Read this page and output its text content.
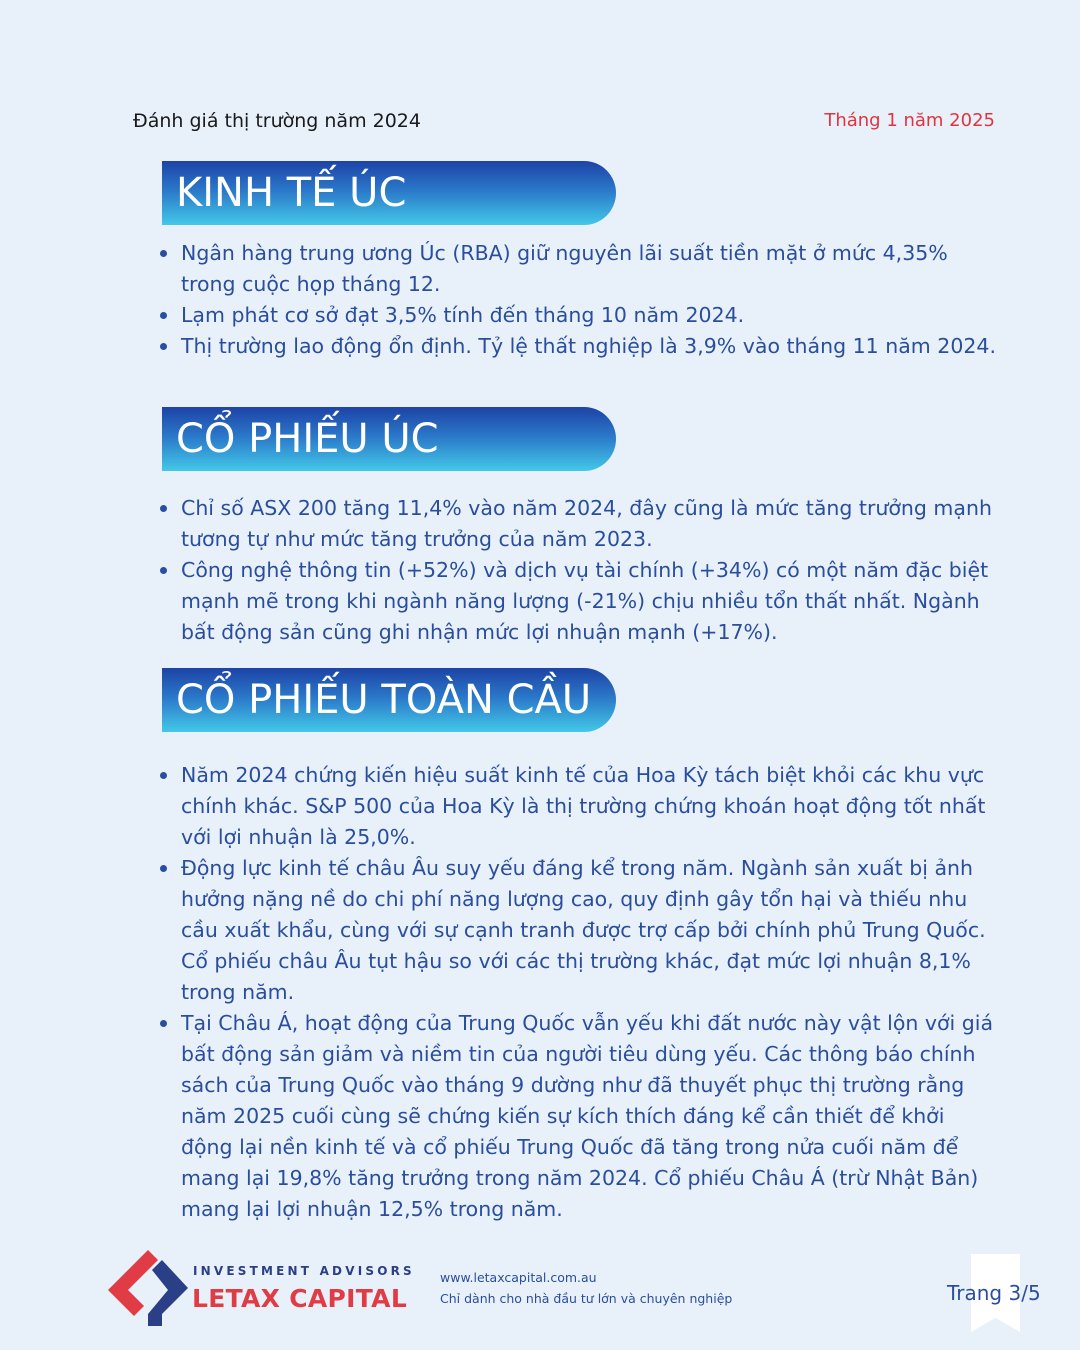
Đánh giá thị trường năm 2024	Tháng 1 năm 2025
KINH TẾ ÚC
Ngân hàng trung ương Úc (RBA) giữ nguyên lãi suất tiền mặt ở mức 4,35% trong cuộc họp tháng 12.
Lạm phát cơ sở đạt 3,5% tính đến tháng 10 năm 2024.
Thị trường lao động ổn định. Tỷ lệ thất nghiệp là 3,9% vào tháng 11 năm 2024.
CỔ PHIẾU ÚC
Chỉ số ASX 200 tăng 11,4% vào năm 2024, đây cũng là mức tăng trưởng mạnh tương tự như mức tăng trưởng của năm 2023.
Công nghệ thông tin (+52%) và dịch vụ tài chính (+34%) có một năm đặc biệt mạnh mẽ trong khi ngành năng lượng (-21%) chịu nhiều tổn thất nhất. Ngành bất động sản cũng ghi nhận mức lợi nhuận mạnh (+17%).
CỔ PHIẾU TOÀN CẦU
Năm 2024 chứng kiến hiệu suất kinh tế của Hoa Kỳ tách biệt khỏi các khu vực chính khác. S&P 500 của Hoa Kỳ là thị trường chứng khoán hoạt động tốt nhất với lợi nhuận là 25,0%.
Động lực kinh tế châu Âu suy yếu đáng kể trong năm. Ngành sản xuất bị ảnh hưởng nặng nề do chi phí năng lượng cao, quy định gây tổn hại và thiếu nhu cầu xuất khẩu, cùng với sự cạnh tranh được trợ cấp bởi chính phủ Trung Quốc. Cổ phiếu châu Âu tụt hậu so với các thị trường khác, đạt mức lợi nhuận 8,1% trong năm.
Tại Châu Á, hoạt động của Trung Quốc vẫn yếu khi đất nước này vật lộn với giá bất động sản giảm và niềm tin của người tiêu dùng yếu. Các thông báo chính sách của Trung Quốc vào tháng 9 dường như đã thuyết phục thị trường rằng năm 2025 cuối cùng sẽ chứng kiến sự kích thích đáng kể cần thiết để khởi động lại nền kinh tế và cổ phiếu Trung Quốc đã tăng trong nửa cuối năm để mang lại 19,8% tăng trưởng trong năm 2024. Cổ phiếu Châu Á (trừ Nhật Bản) mang lại lợi nhuận 12,5% trong năm.
INVESTMENT ADVISORS
LETAX CAPITAL
www.letaxcapital.com.au
Chỉ dành cho nhà đầu tư lớn và chuyên nghiệp	Trang 3/5
